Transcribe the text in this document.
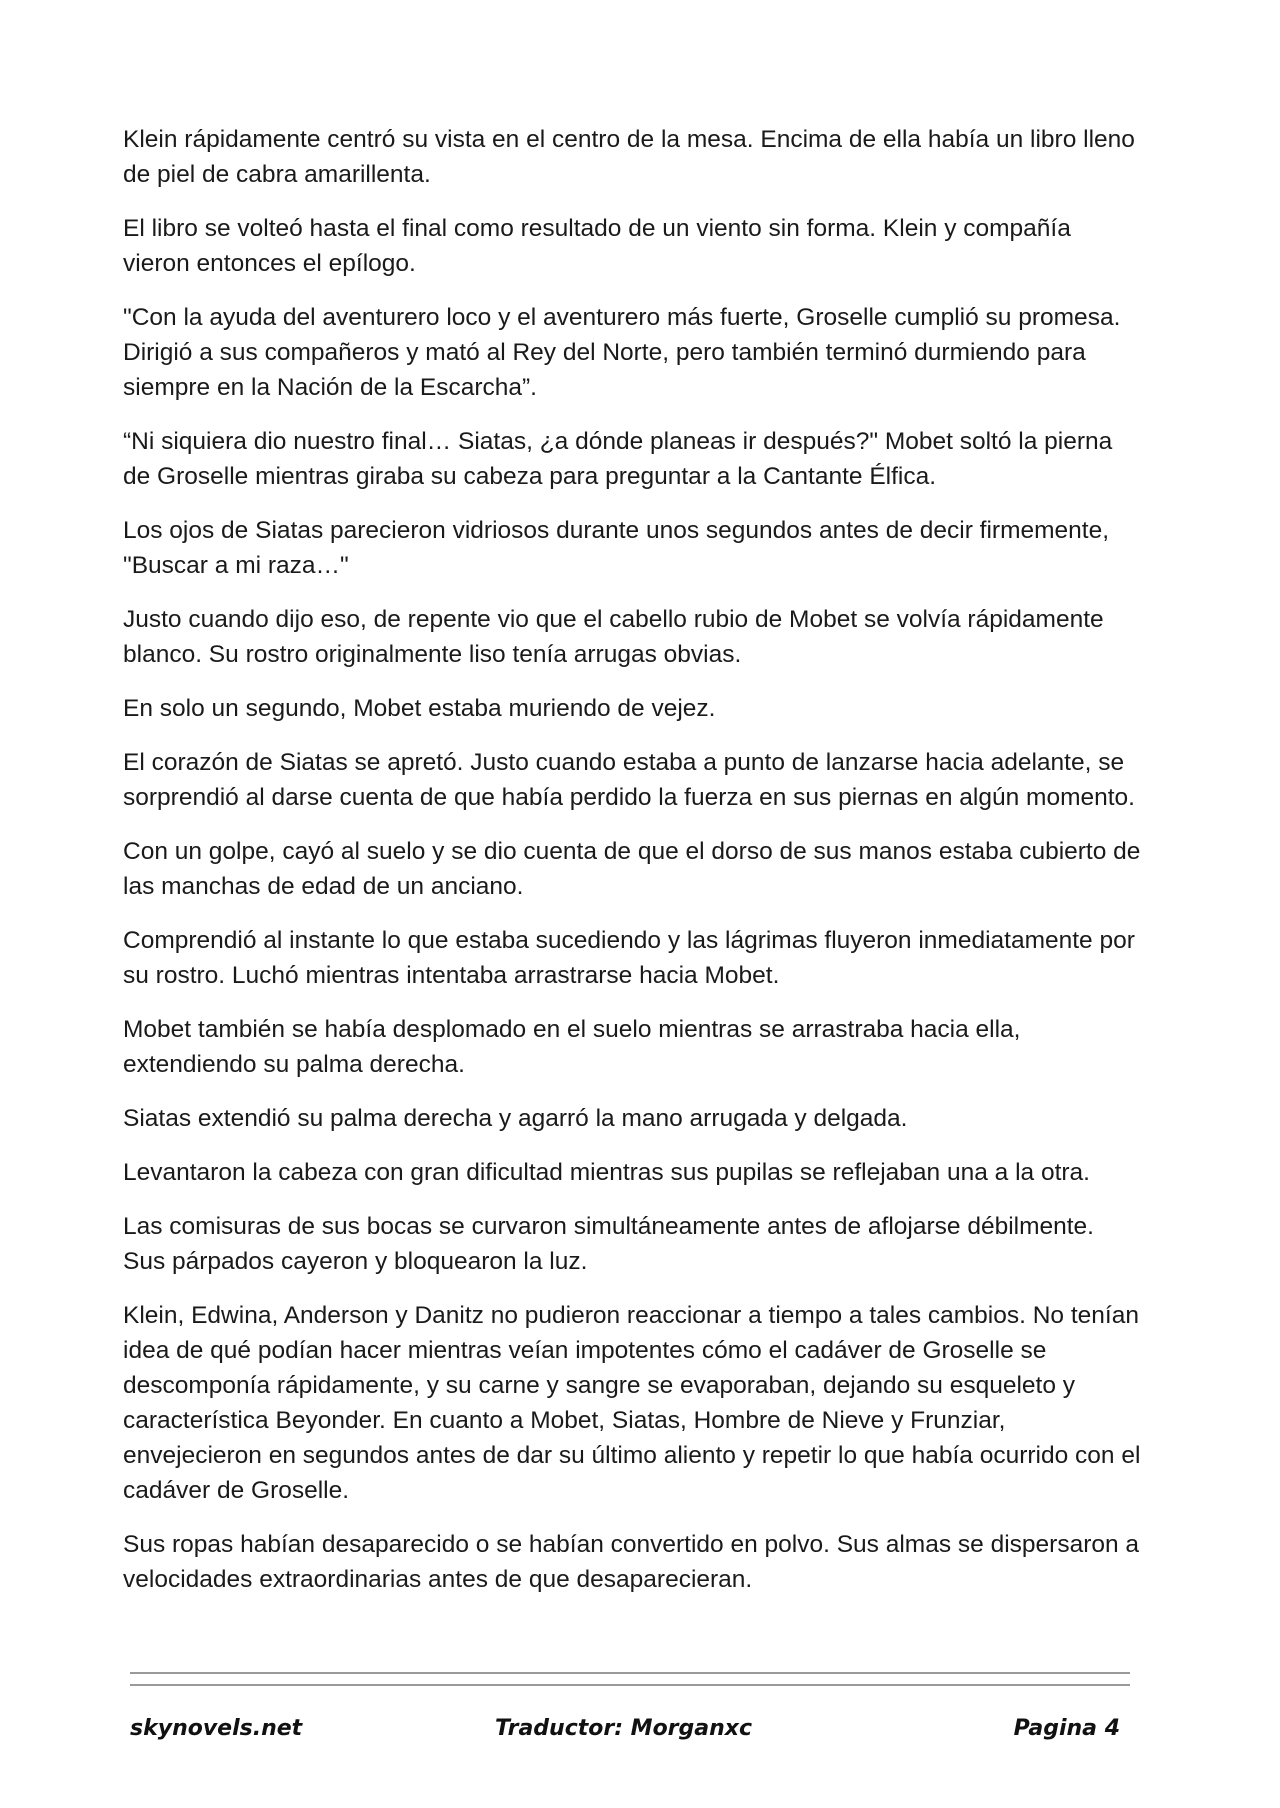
Klein rápidamente centró su vista en el centro de la mesa. Encima de ella había un libro lleno de piel de cabra amarillenta.

El libro se volteó hasta el final como resultado de un viento sin forma. Klein y compañía vieron entonces el epílogo.

"Con la ayuda del aventurero loco y el aventurero más fuerte, Groselle cumplió su promesa. Dirigió a sus compañeros y mató al Rey del Norte, pero también terminó durmiendo para siempre en la Nación de la Escarcha”.

“Ni siquiera dio nuestro final… Siatas, ¿a dónde planeas ir después?" Mobet soltó la pierna de Groselle mientras giraba su cabeza para preguntar a la Cantante Élfica.

Los ojos de Siatas parecieron vidriosos durante unos segundos antes de decir firmemente, "Buscar a mi raza…"

Justo cuando dijo eso, de repente vio que el cabello rubio de Mobet se volvía rápidamente blanco. Su rostro originalmente liso tenía arrugas obvias.

En solo un segundo, Mobet estaba muriendo de vejez.

El corazón de Siatas se apretó. Justo cuando estaba a punto de lanzarse hacia adelante, se sorprendió al darse cuenta de que había perdido la fuerza en sus piernas en algún momento.

Con un golpe, cayó al suelo y se dio cuenta de que el dorso de sus manos estaba cubierto de las manchas de edad de un anciano.

Comprendió al instante lo que estaba sucediendo y las lágrimas fluyeron inmediatamente por su rostro. Luchó mientras intentaba arrastrarse hacia Mobet.

Mobet también se había desplomado en el suelo mientras se arrastraba hacia ella, extendiendo su palma derecha.

Siatas extendió su palma derecha y agarró la mano arrugada y delgada.

Levantaron la cabeza con gran dificultad mientras sus pupilas se reflejaban una a la otra.

Las comisuras de sus bocas se curvaron simultáneamente antes de aflojarse débilmente. Sus párpados cayeron y bloquearon la luz.

Klein, Edwina, Anderson y Danitz no pudieron reaccionar a tiempo a tales cambios. No tenían idea de qué podían hacer mientras veían impotentes cómo el cadáver de Groselle se descomponía rápidamente, y su carne y sangre se evaporaban, dejando su esqueleto y característica Beyonder. En cuanto a Mobet, Siatas, Hombre de Nieve y Frunziar, envejecieron en segundos antes de dar su último aliento y repetir lo que había ocurrido con el cadáver de Groselle.

Sus ropas habían desaparecido o se habían convertido en polvo. Sus almas se dispersaron a velocidades extraordinarias antes de que desaparecieran.

skynovels.net	Traductor: Morganxc	Pagina 4
